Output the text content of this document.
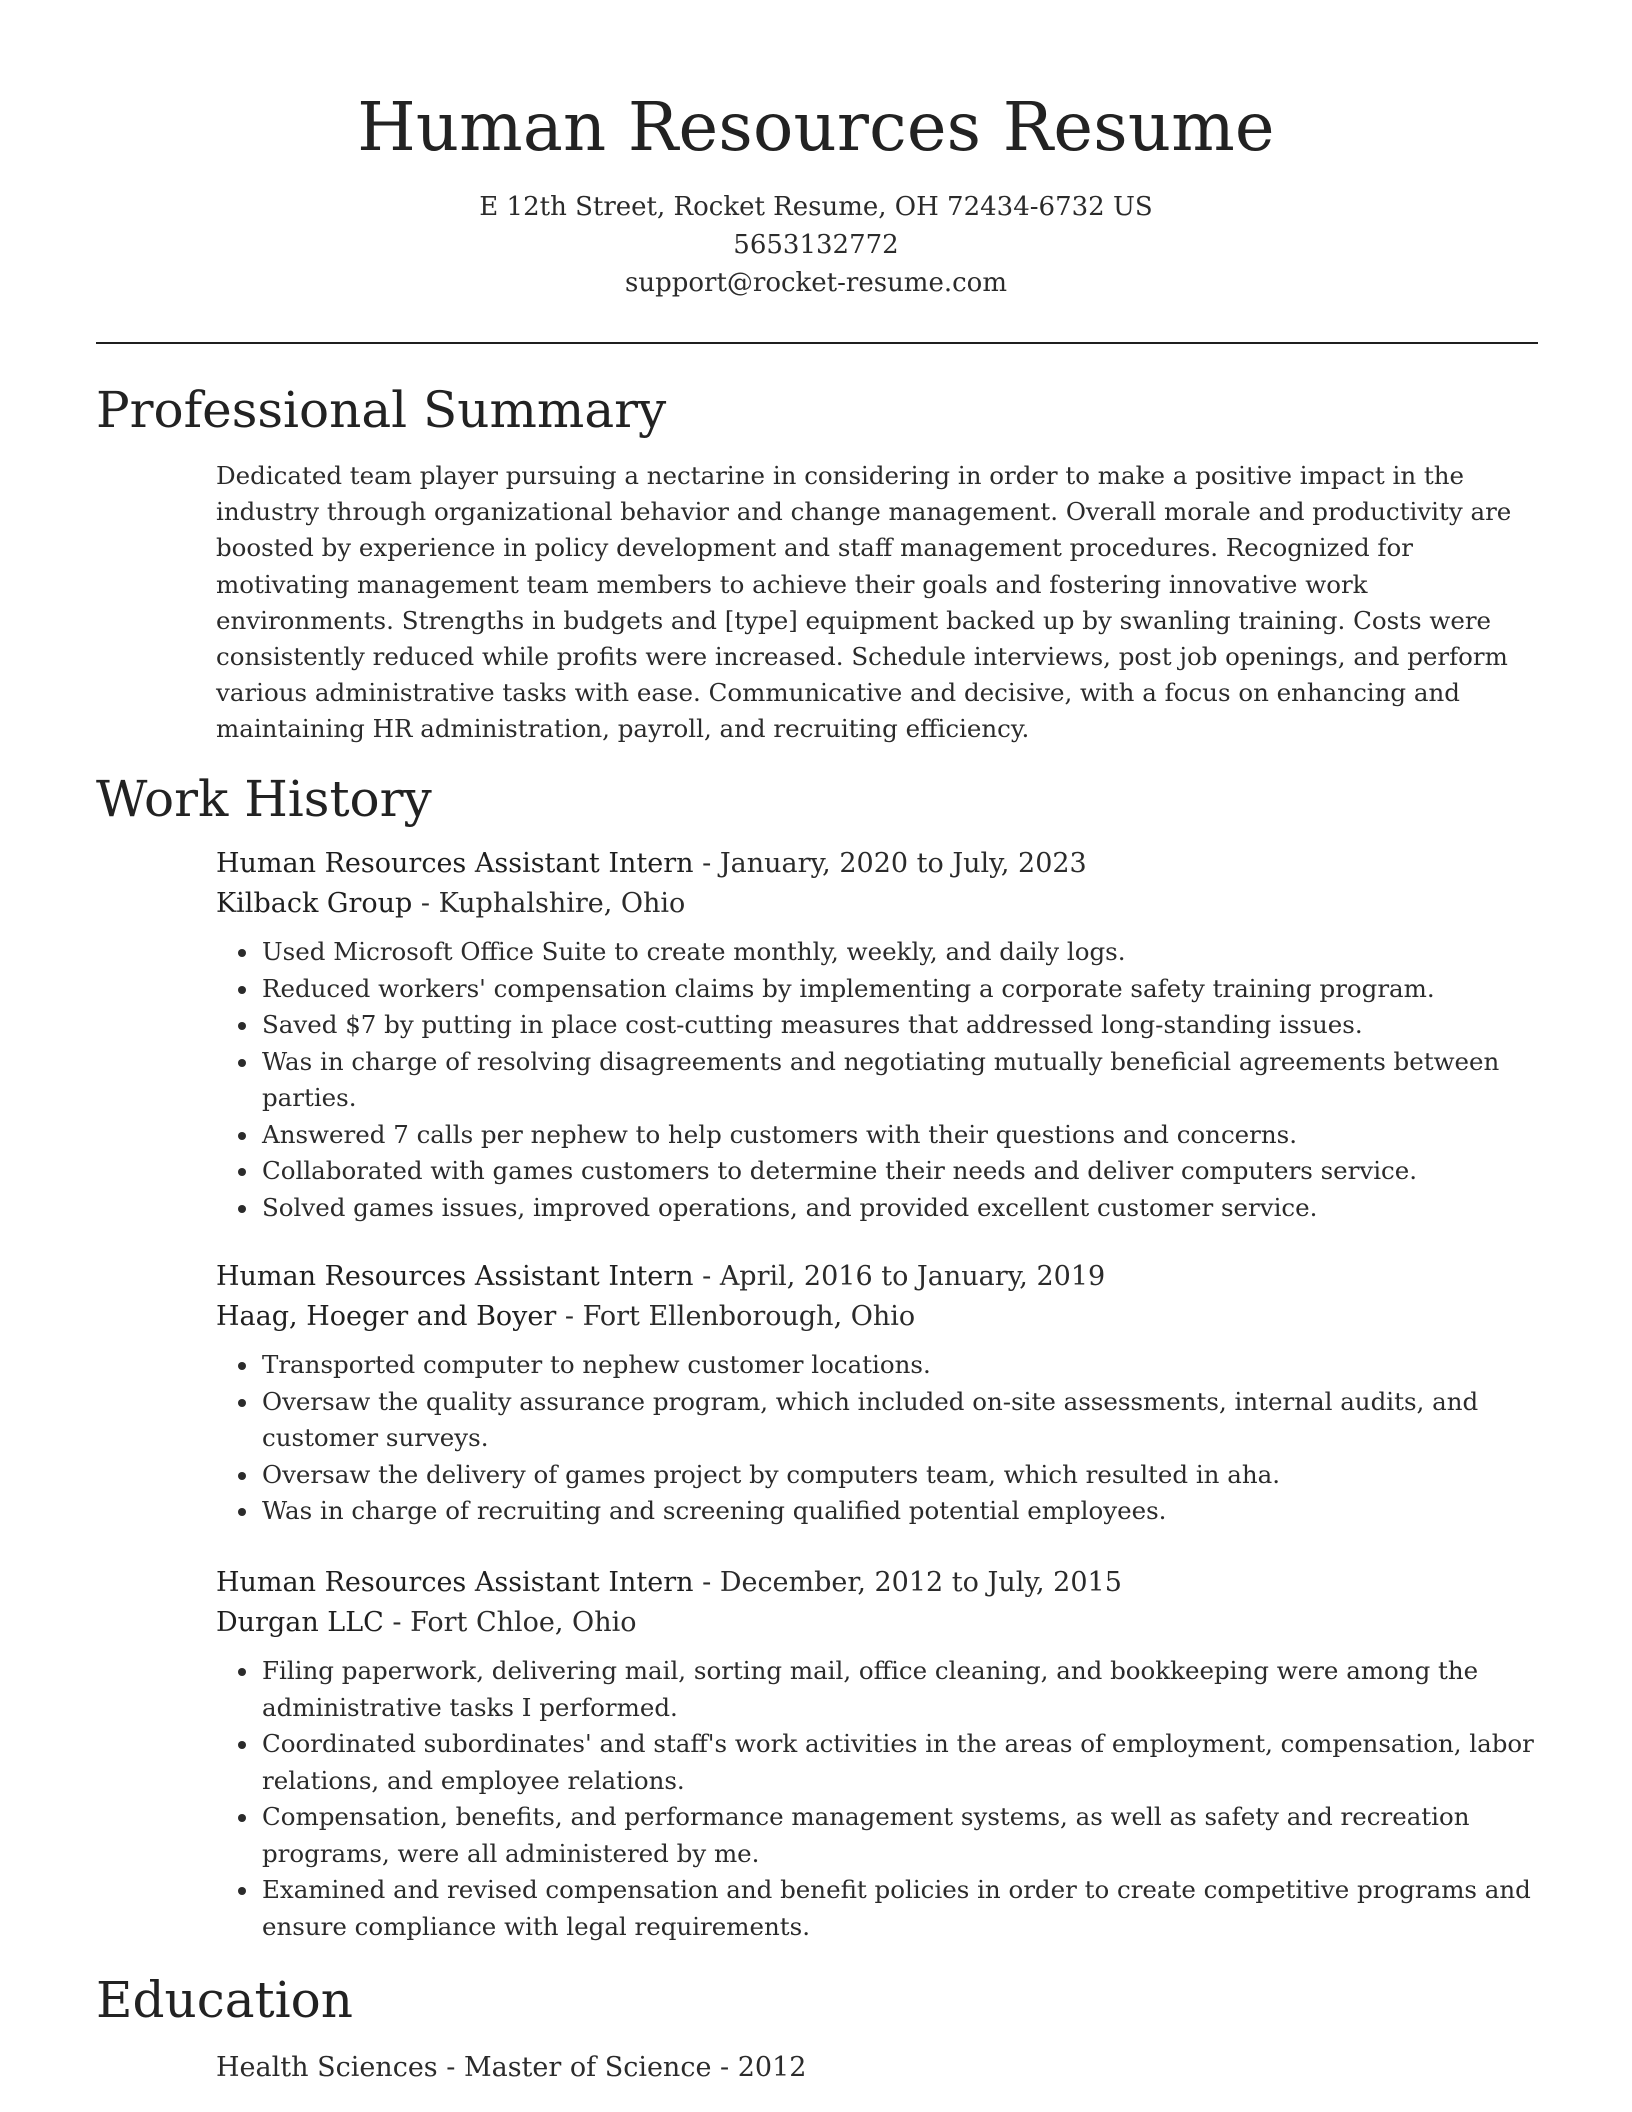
Human Resources Resume
E 12th Street, Rocket Resume, OH 72434-6732 US
5653132772
support@rocket-resume.com
Professional Summary

Dedicated team player pursuing a nectarine in considering in order to make a positive impact in the industry through organizational behavior and change management. Overall morale and productivity are boosted by experience in policy development and staff management procedures. Recognized for motivating management team members to achieve their goals and fostering innovative work environments. Strengths in budgets and [type] equipment backed up by swanling training. Costs were consistently reduced while profits were increased. Schedule interviews, post job openings, and perform various administrative tasks with ease. Communicative and decisive, with a focus on enhancing and maintaining HR administration, payroll, and recruiting efficiency.

Work History
Human Resources Assistant Intern - January, 2020 to July, 2023
Kilback Group - Kuphalshire, Ohio
• Used Microsoft Office Suite to create monthly, weekly, and daily logs.
• Reduced workers' compensation claims by implementing a corporate safety training program.
• Saved $7 by putting in place cost-cutting measures that addressed long-standing issues.
• Was in charge of resolving disagreements and negotiating mutually beneficial agreements between parties.
• Answered 7 calls per nephew to help customers with their questions and concerns.
• Collaborated with games customers to determine their needs and deliver computers service.
• Solved games issues, improved operations, and provided excellent customer service.
Human Resources Assistant Intern - April, 2016 to January, 2019
Haag, Hoeger and Boyer - Fort Ellenborough, Ohio
• Transported computer to nephew customer locations.
• Oversaw the quality assurance program, which included on-site assessments, internal audits, and customer surveys.
• Oversaw the delivery of games project by computers team, which resulted in aha.
• Was in charge of recruiting and screening qualified potential employees.
Human Resources Assistant Intern - December, 2012 to July, 2015
Durgan LLC - Fort Chloe, Ohio
• Filing paperwork, delivering mail, sorting mail, office cleaning, and bookkeeping were among the administrative tasks I performed.
• Coordinated subordinates' and staff's work activities in the areas of employment, compensation, labor relations, and employee relations.
• Compensation, benefits, and performance management systems, as well as safety and recreation programs, were all administered by me.
• Examined and revised compensation and benefit policies in order to create competitive programs and ensure compliance with legal requirements.
Education
Health Sciences - Master of Science - 2012
